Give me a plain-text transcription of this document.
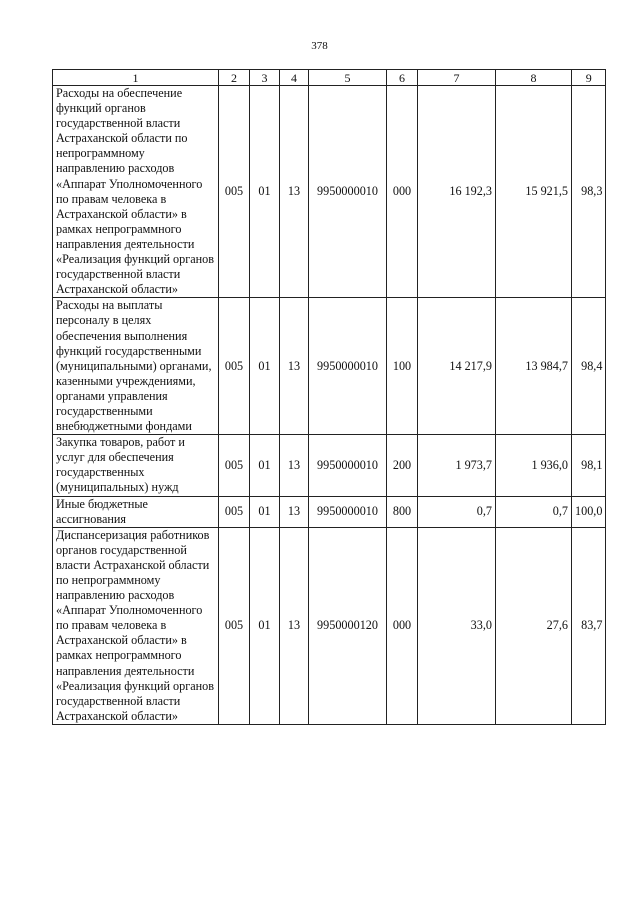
378
1	2	3	4	5	6	7	8	9
Расходы на обеспечение функций органов государственной власти Астраханской области по непрограммному направлению расходов «Аппарат Уполномоченного по правам человека в Астраханской области» в рамках непрограммного направления деятельности «Реализация функций органов государственной власти Астраханской области»	005	01	13	9950000010	000	16 192,3	15 921,5	98,3
Расходы на выплаты персоналу в целях обеспечения выполнения функций государственными (муниципальными) органами, казенными учреждениями, органами управления государственными внебюджетными фондами	005	01	13	9950000010	100	14 217,9	13 984,7	98,4
Закупка товаров, работ и услуг для обеспечения государственных (муниципальных) нужд	005	01	13	9950000010	200	1 973,7	1 936,0	98,1
Иные бюджетные ассигнования	005	01	13	9950000010	800	0,7	0,7	100,0
Диспансеризация работников органов государственной власти Астраханской области по непрограммному направлению расходов «Аппарат Уполномоченного по правам человека в Астраханской области» в рамках непрограммного направления деятельности «Реализация функций органов государственной власти Астраханской области»	005	01	13	9950000120	000	33,0	27,6	83,7
